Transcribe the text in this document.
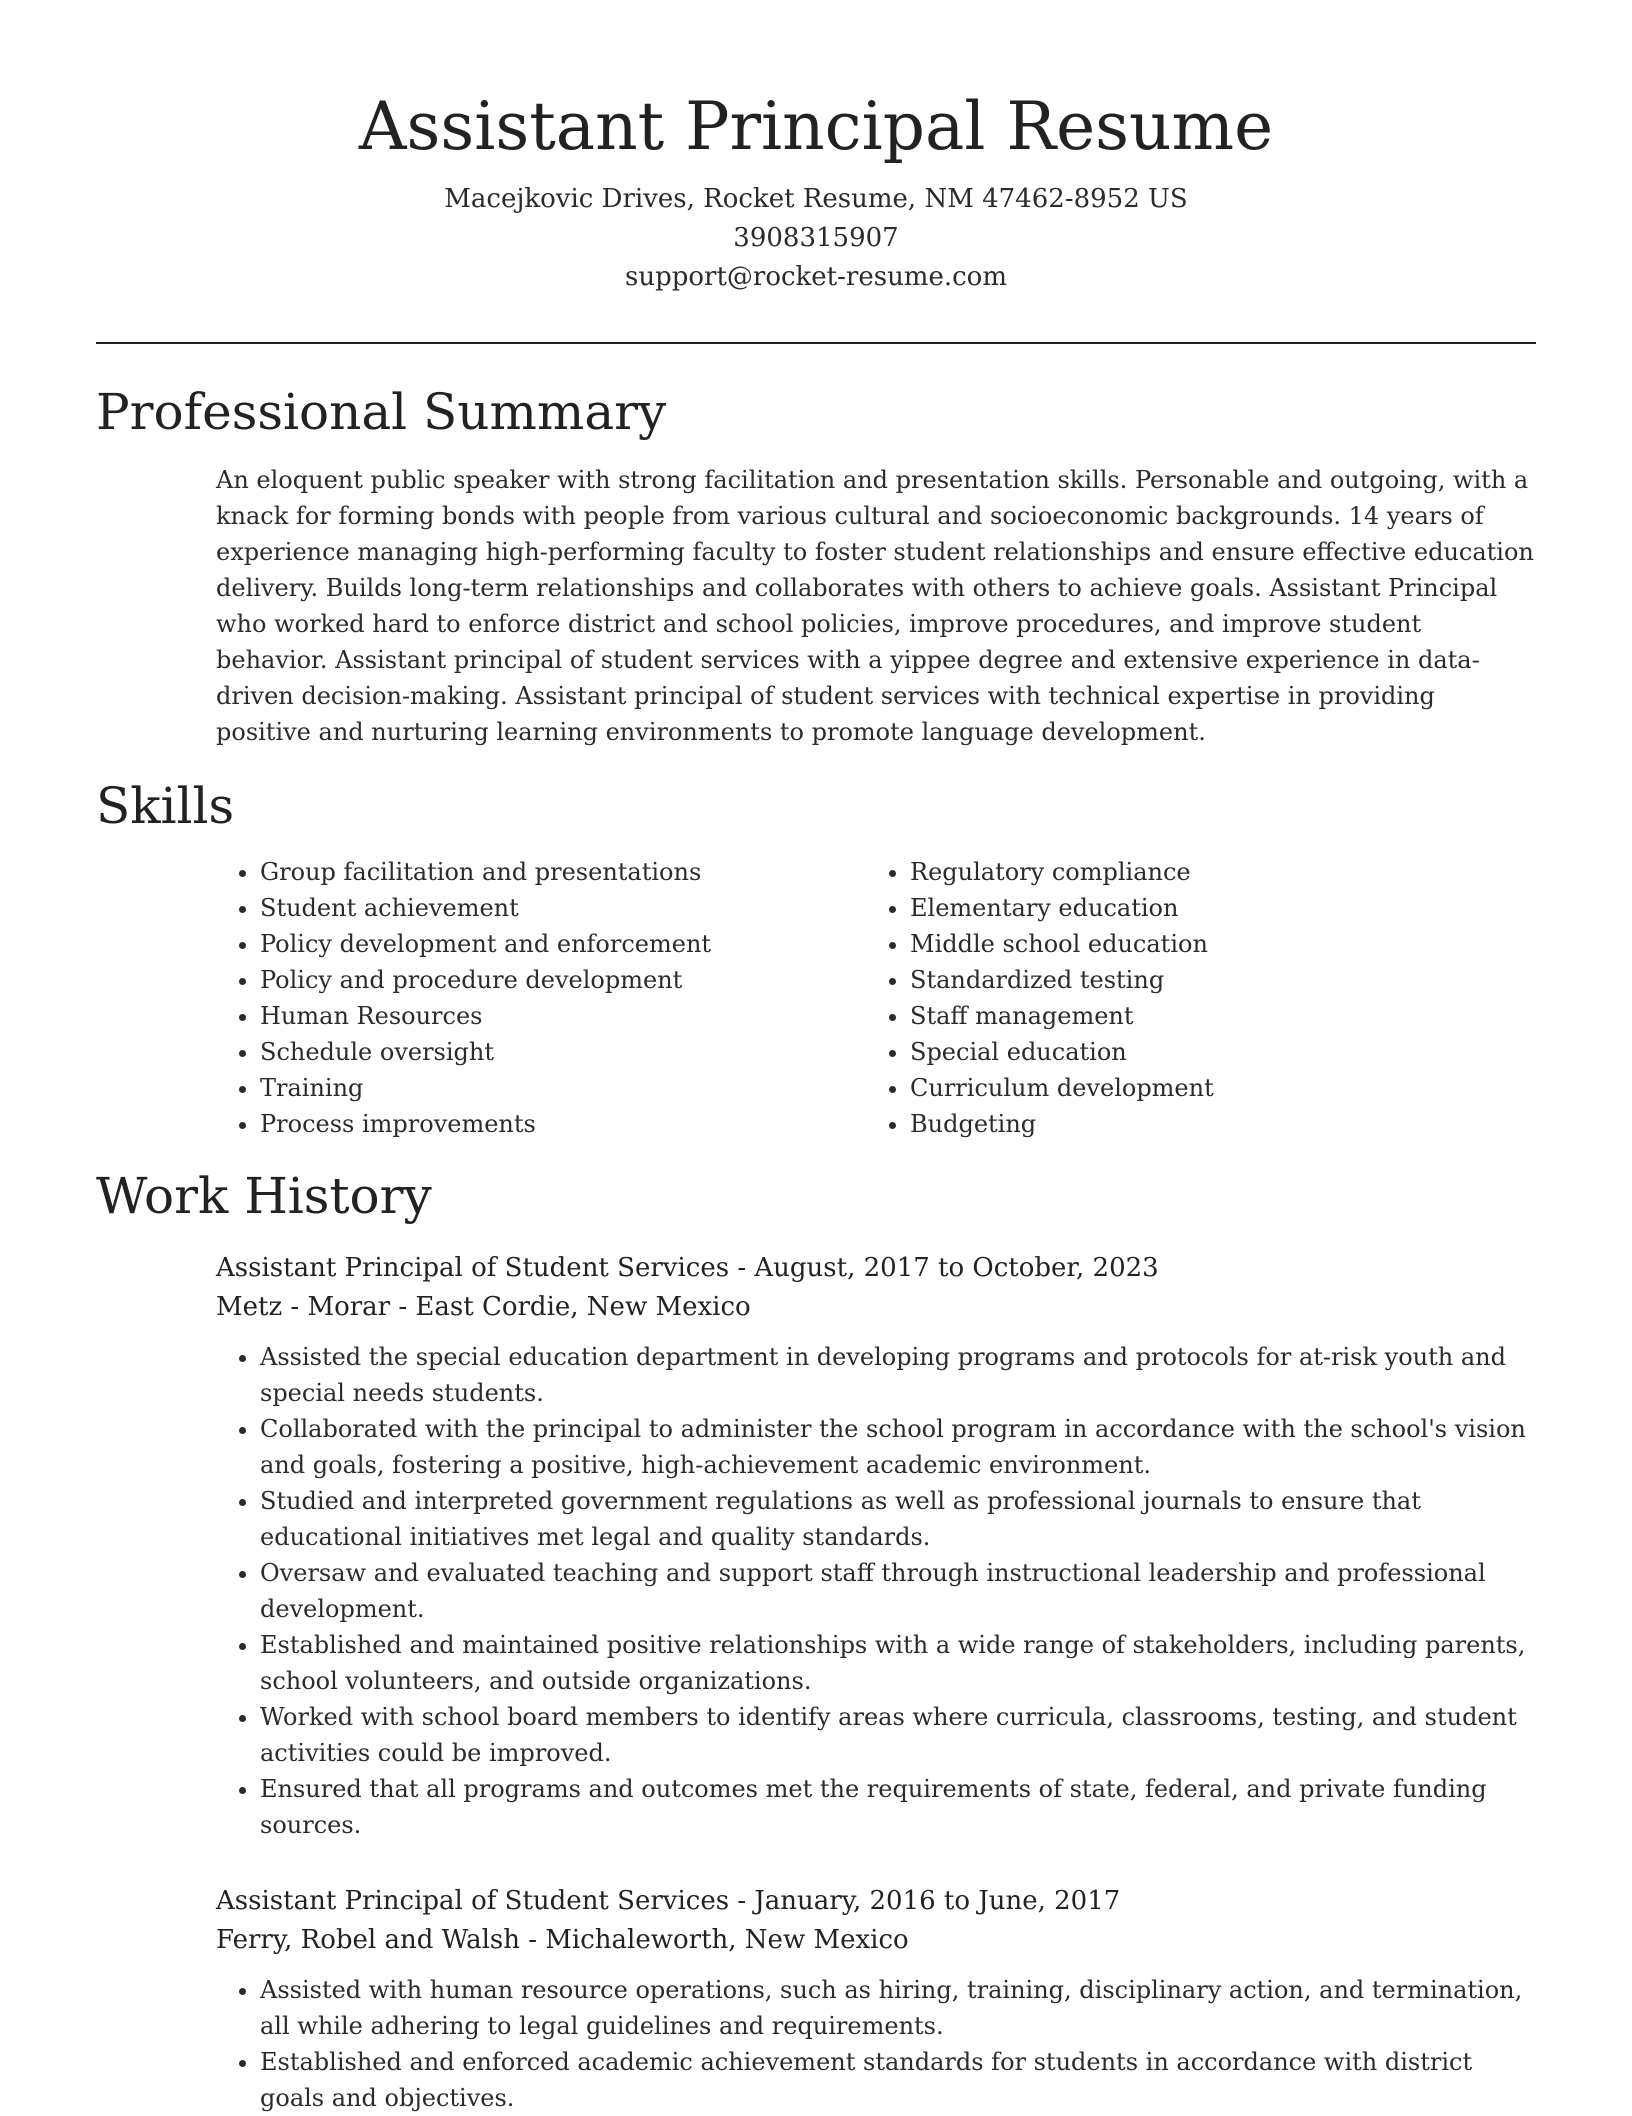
Assistant Principal Resume
Macejkovic Drives, Rocket Resume, NM 47462-8952 US
3908315907
support@rocket-resume.com
Professional Summary

An eloquent public speaker with strong facilitation and presentation skills. Personable and outgoing, with a knack for forming bonds with people from various cultural and socioeconomic backgrounds. 14 years of experience managing high-performing faculty to foster student relationships and ensure effective education delivery. Builds long-term relationships and collaborates with others to achieve goals. Assistant Principal who worked hard to enforce district and school policies, improve procedures, and improve student behavior. Assistant principal of student services with a yippee degree and extensive experience in data-driven decision-making. Assistant principal of student services with technical expertise in providing positive and nurturing learning environments to promote language development.

Skills
• Group facilitation and presentations
• Student achievement
• Policy development and enforcement
• Policy and procedure development
• Human Resources
• Schedule oversight
• Training
• Process improvements
• Regulatory compliance
• Elementary education
• Middle school education
• Standardized testing
• Staff management
• Special education
• Curriculum development
• Budgeting
Work History
Assistant Principal of Student Services - August, 2017 to October, 2023
Metz - Morar - East Cordie, New Mexico
• Assisted the special education department in developing programs and protocols for at-risk youth and special needs students.
• Collaborated with the principal to administer the school program in accordance with the school's vision and goals, fostering a positive, high-achievement academic environment.
• Studied and interpreted government regulations as well as professional journals to ensure that educational initiatives met legal and quality standards.
• Oversaw and evaluated teaching and support staff through instructional leadership and professional development.
• Established and maintained positive relationships with a wide range of stakeholders, including parents, school volunteers, and outside organizations.
• Worked with school board members to identify areas where curricula, classrooms, testing, and student activities could be improved.
• Ensured that all programs and outcomes met the requirements of state, federal, and private funding sources.
Assistant Principal of Student Services - January, 2016 to June, 2017
Ferry, Robel and Walsh - Michaleworth, New Mexico
• Assisted with human resource operations, such as hiring, training, disciplinary action, and termination, all while adhering to legal guidelines and requirements.
• Established and enforced academic achievement standards for students in accordance with district goals and objectives.
